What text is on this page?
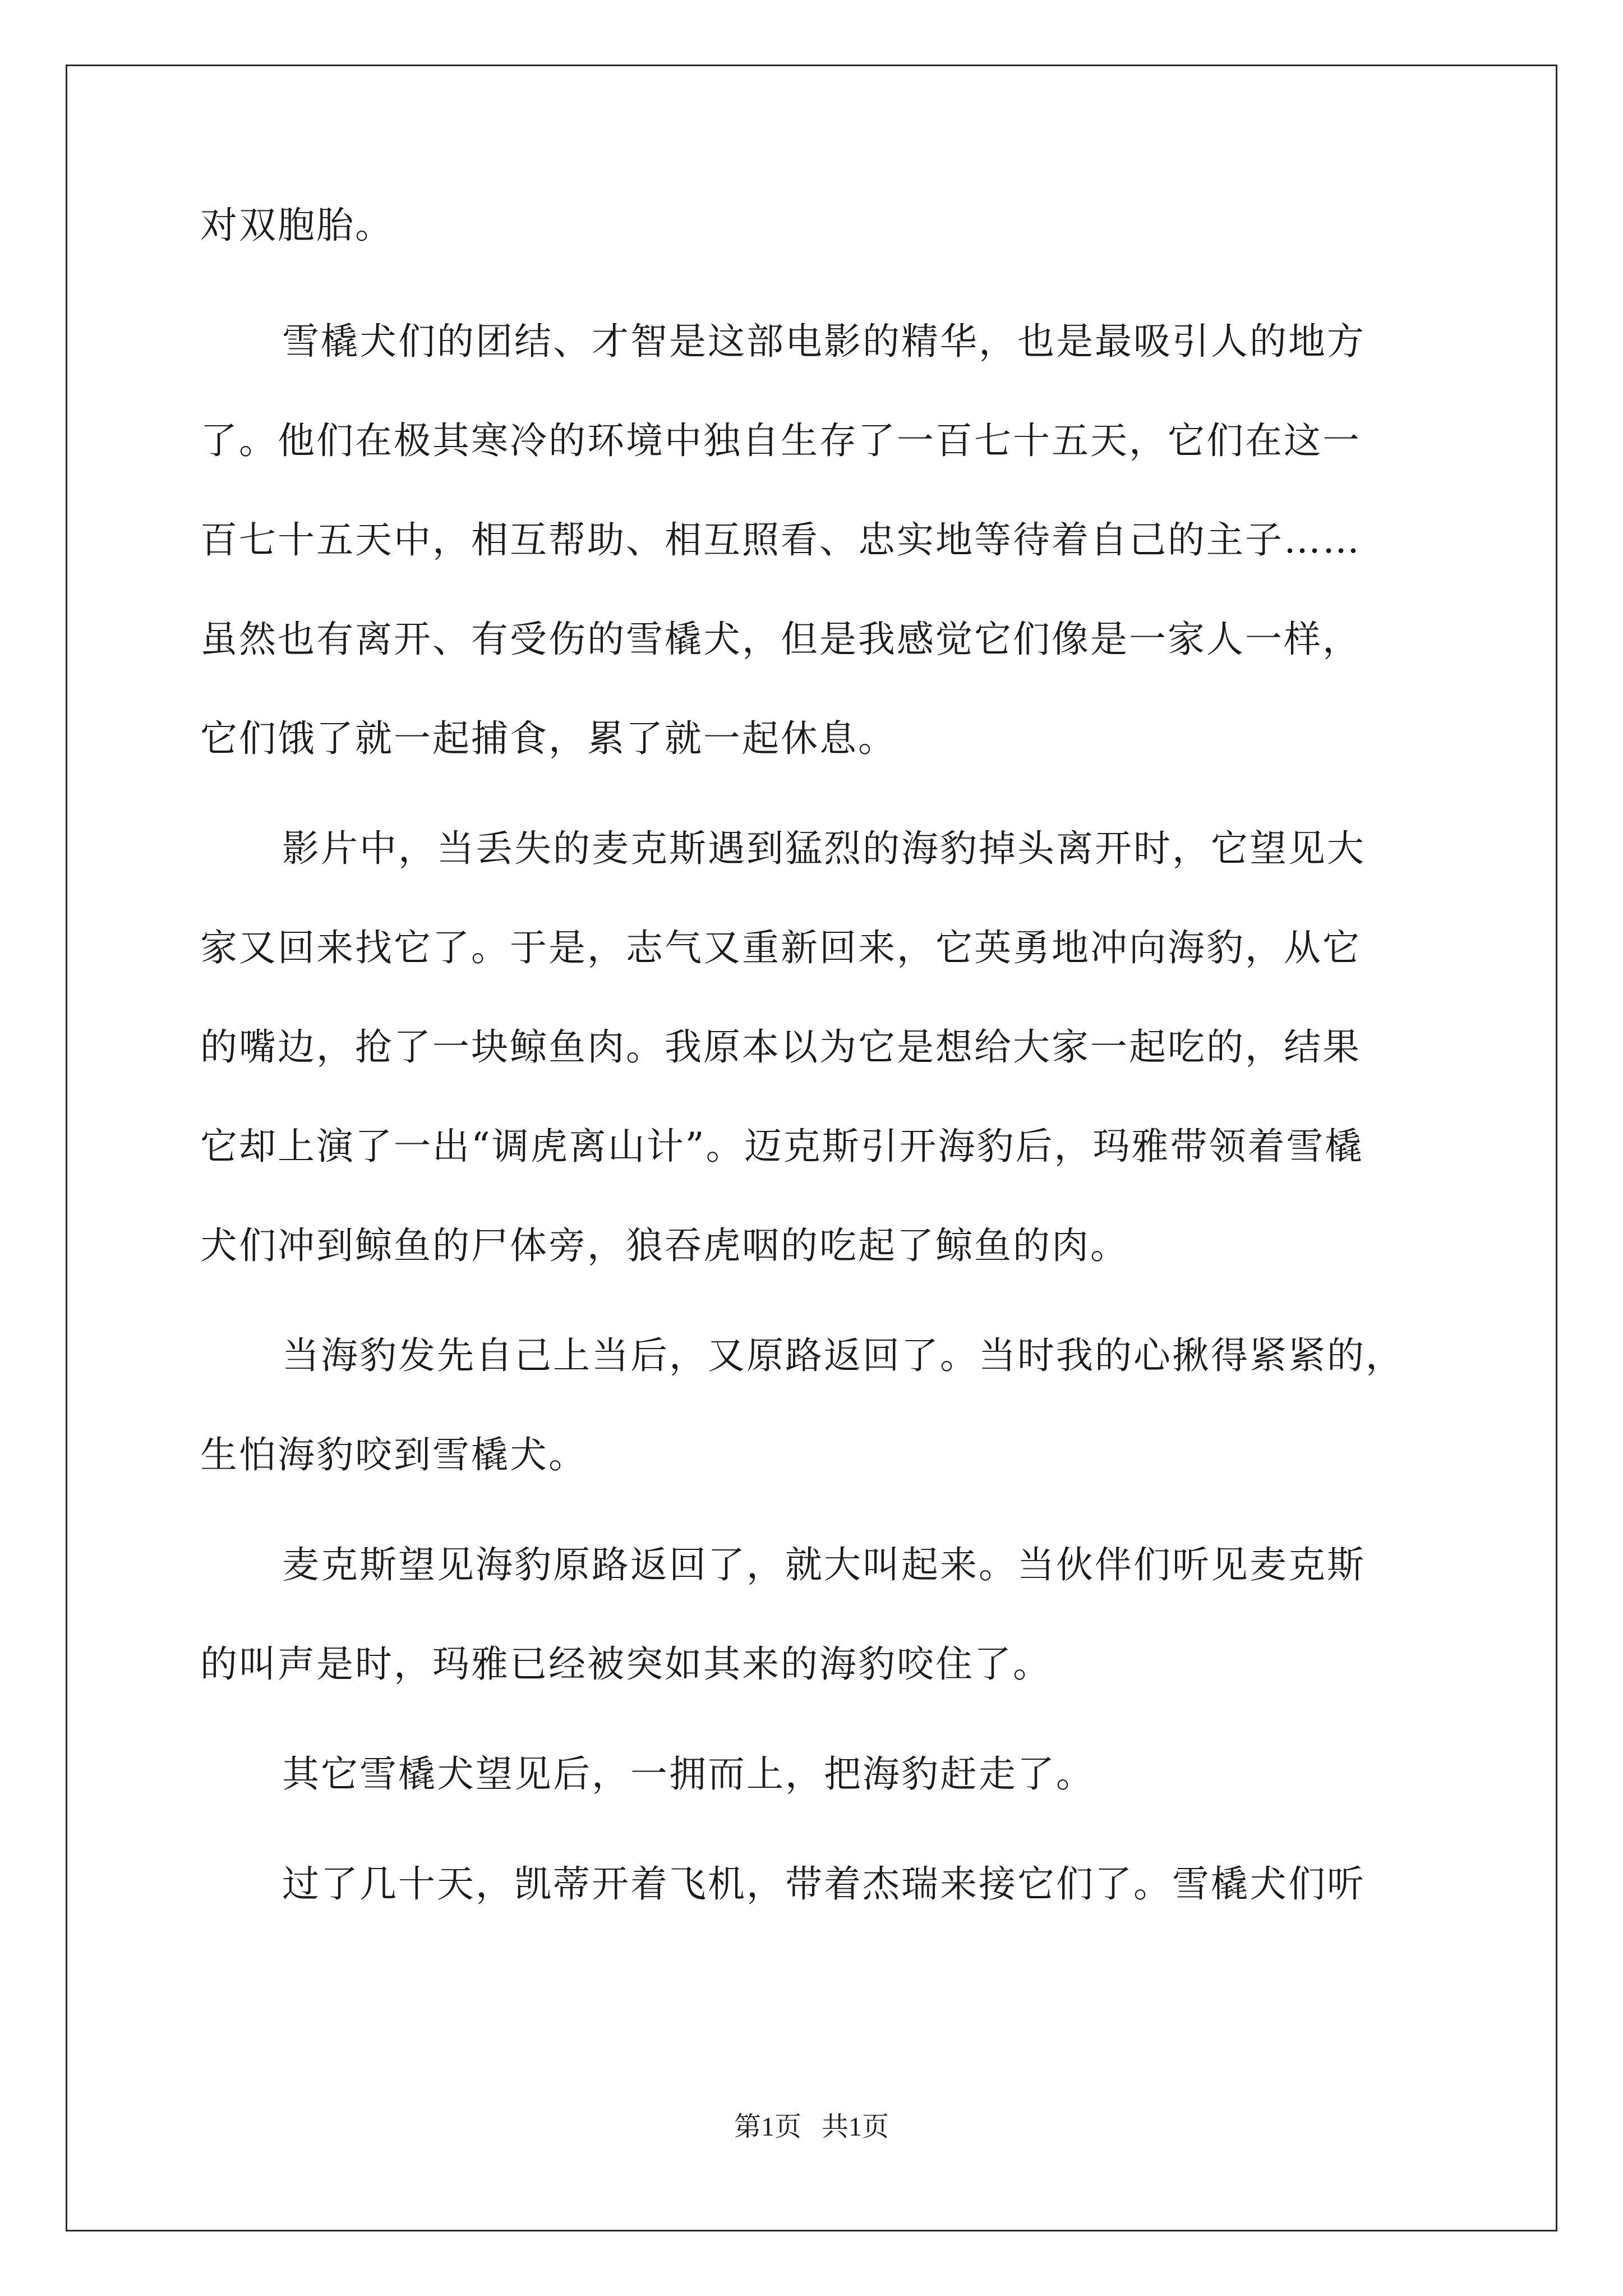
对双胞胎。
雪橇犬们的团结、才智是这部电影的精华，也是最吸引人的地方
了。他们在极其寒冷的环境中独自生存了一百七十五天，它们在这一
百七十五天中，相互帮助、相互照看、忠实地等待着自己的主子……
虽然也有离开、有受伤的雪橇犬，但是我感觉它们像是一家人一样，
它们饿了就一起捕食，累了就一起休息。
影片中，当丢失的麦克斯遇到猛烈的海豹掉头离开时，它望见大
家又回来找它了。于是，志气又重新回来，它英勇地冲向海豹，从它
的嘴边，抢了一块鲸鱼肉。我原本以为它是想给大家一起吃的，结果
它却上演了一出“调虎离山计”。迈克斯引开海豹后，玛雅带领着雪橇
犬们冲到鲸鱼的尸体旁，狼吞虎咽的吃起了鲸鱼的肉。
当海豹发先自己上当后，又原路返回了。当时我的心揪得紧紧的，
生怕海豹咬到雪橇犬。
麦克斯望见海豹原路返回了，就大叫起来。当伙伴们听见麦克斯
的叫声是时，玛雅已经被突如其来的海豹咬住了。
其它雪橇犬望见后，一拥而上，把海豹赶走了。
过了几十天，凯蒂开着飞机，带着杰瑞来接它们了。雪橇犬们听
第1页   共1页
